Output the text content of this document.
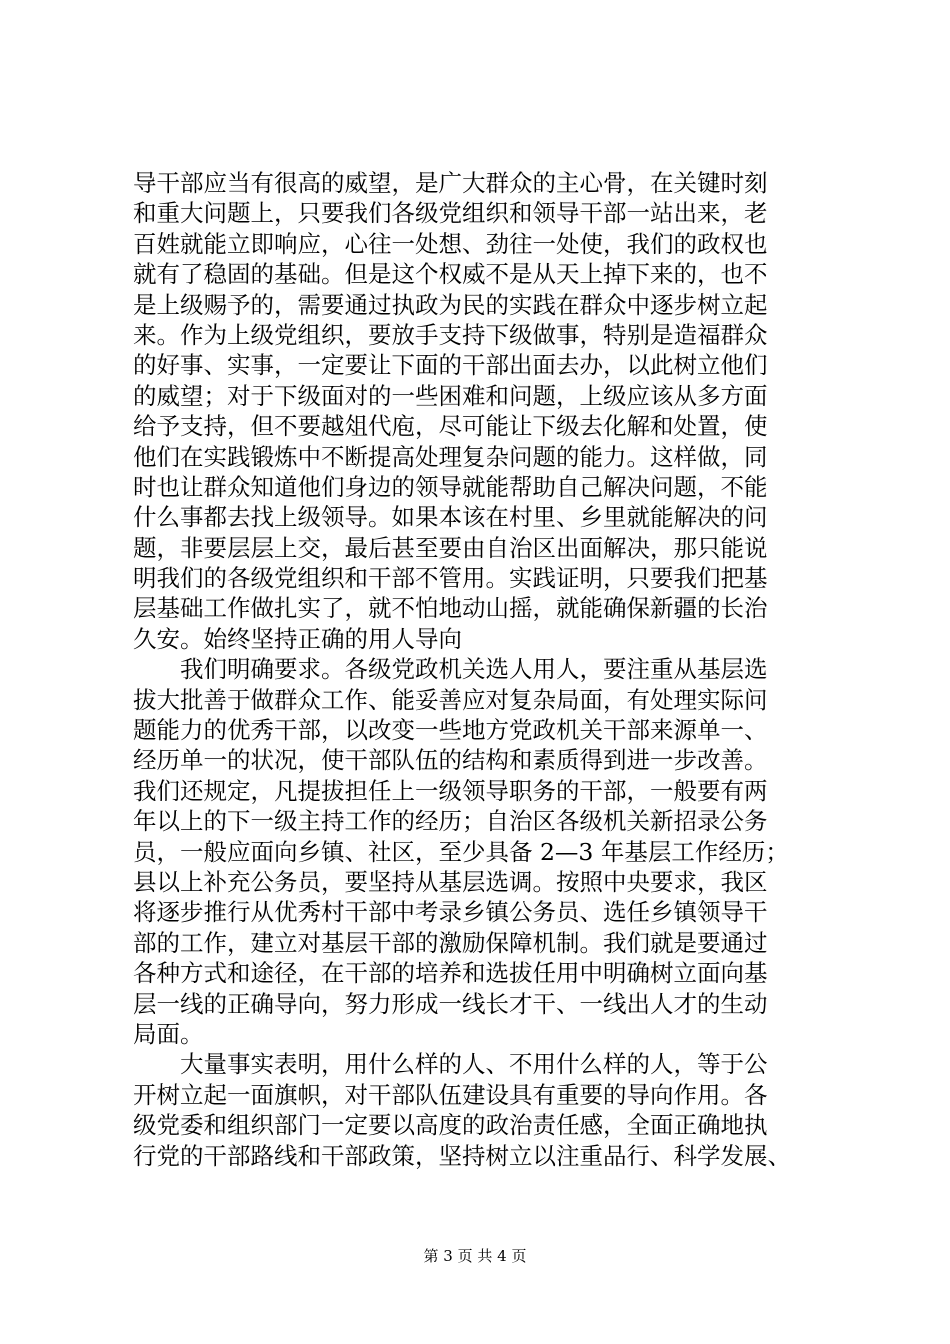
导干部应当有很高的威望，是广大群众的主心骨，在关键时刻
和重大问题上，只要我们各级党组织和领导干部一站出来，老
百姓就能立即响应，心往一处想、劲往一处使，我们的政权也
就有了稳固的基础。但是这个权威不是从天上掉下来的，也不
是上级赐予的，需要通过执政为民的实践在群众中逐步树立起
来。作为上级党组织，要放手支持下级做事，特别是造福群众
的好事、实事，一定要让下面的干部出面去办，以此树立他们
的威望；对于下级面对的一些困难和问题，上级应该从多方面
给予支持，但不要越俎代庖，尽可能让下级去化解和处置，使
他们在实践锻炼中不断提高处理复杂问题的能力。这样做，同
时也让群众知道他们身边的领导就能帮助自己解决问题，不能
什么事都去找上级领导。如果本该在村里、乡里就能解决的问
题，非要层层上交，最后甚至要由自治区出面解决，那只能说
明我们的各级党组织和干部不管用。实践证明，只要我们把基
层基础工作做扎实了，就不怕地动山摇，就能确保新疆的长治
久安。始终坚持正确的用人导向
我们明确要求。各级党政机关选人用人，要注重从基层选
拔大批善于做群众工作、能妥善应对复杂局面，有处理实际问
题能力的优秀干部，以改变一些地方党政机关干部来源单一、
经历单一的状况，使干部队伍的结构和素质得到进一步改善。
我们还规定，凡提拔担任上一级领导职务的干部，一般要有两
年以上的下一级主持工作的经历；自治区各级机关新招录公务
员，一般应面向乡镇、社区，至少具备 2—3 年基层工作经历；
县以上补充公务员，要坚持从基层选调。按照中央要求，我区
将逐步推行从优秀村干部中考录乡镇公务员、选任乡镇领导干
部的工作，建立对基层干部的激励保障机制。我们就是要通过
各种方式和途径，在干部的培养和选拔任用中明确树立面向基
层一线的正确导向，努力形成一线长才干、一线出人才的生动
局面。
大量事实表明，用什么样的人、不用什么样的人，等于公
开树立起一面旗帜，对干部队伍建设具有重要的导向作用。各
级党委和组织部门一定要以高度的政治责任感，全面正确地执
行党的干部路线和干部政策，坚持树立以注重品行、科学发展、
第 3 页 共 4 页
